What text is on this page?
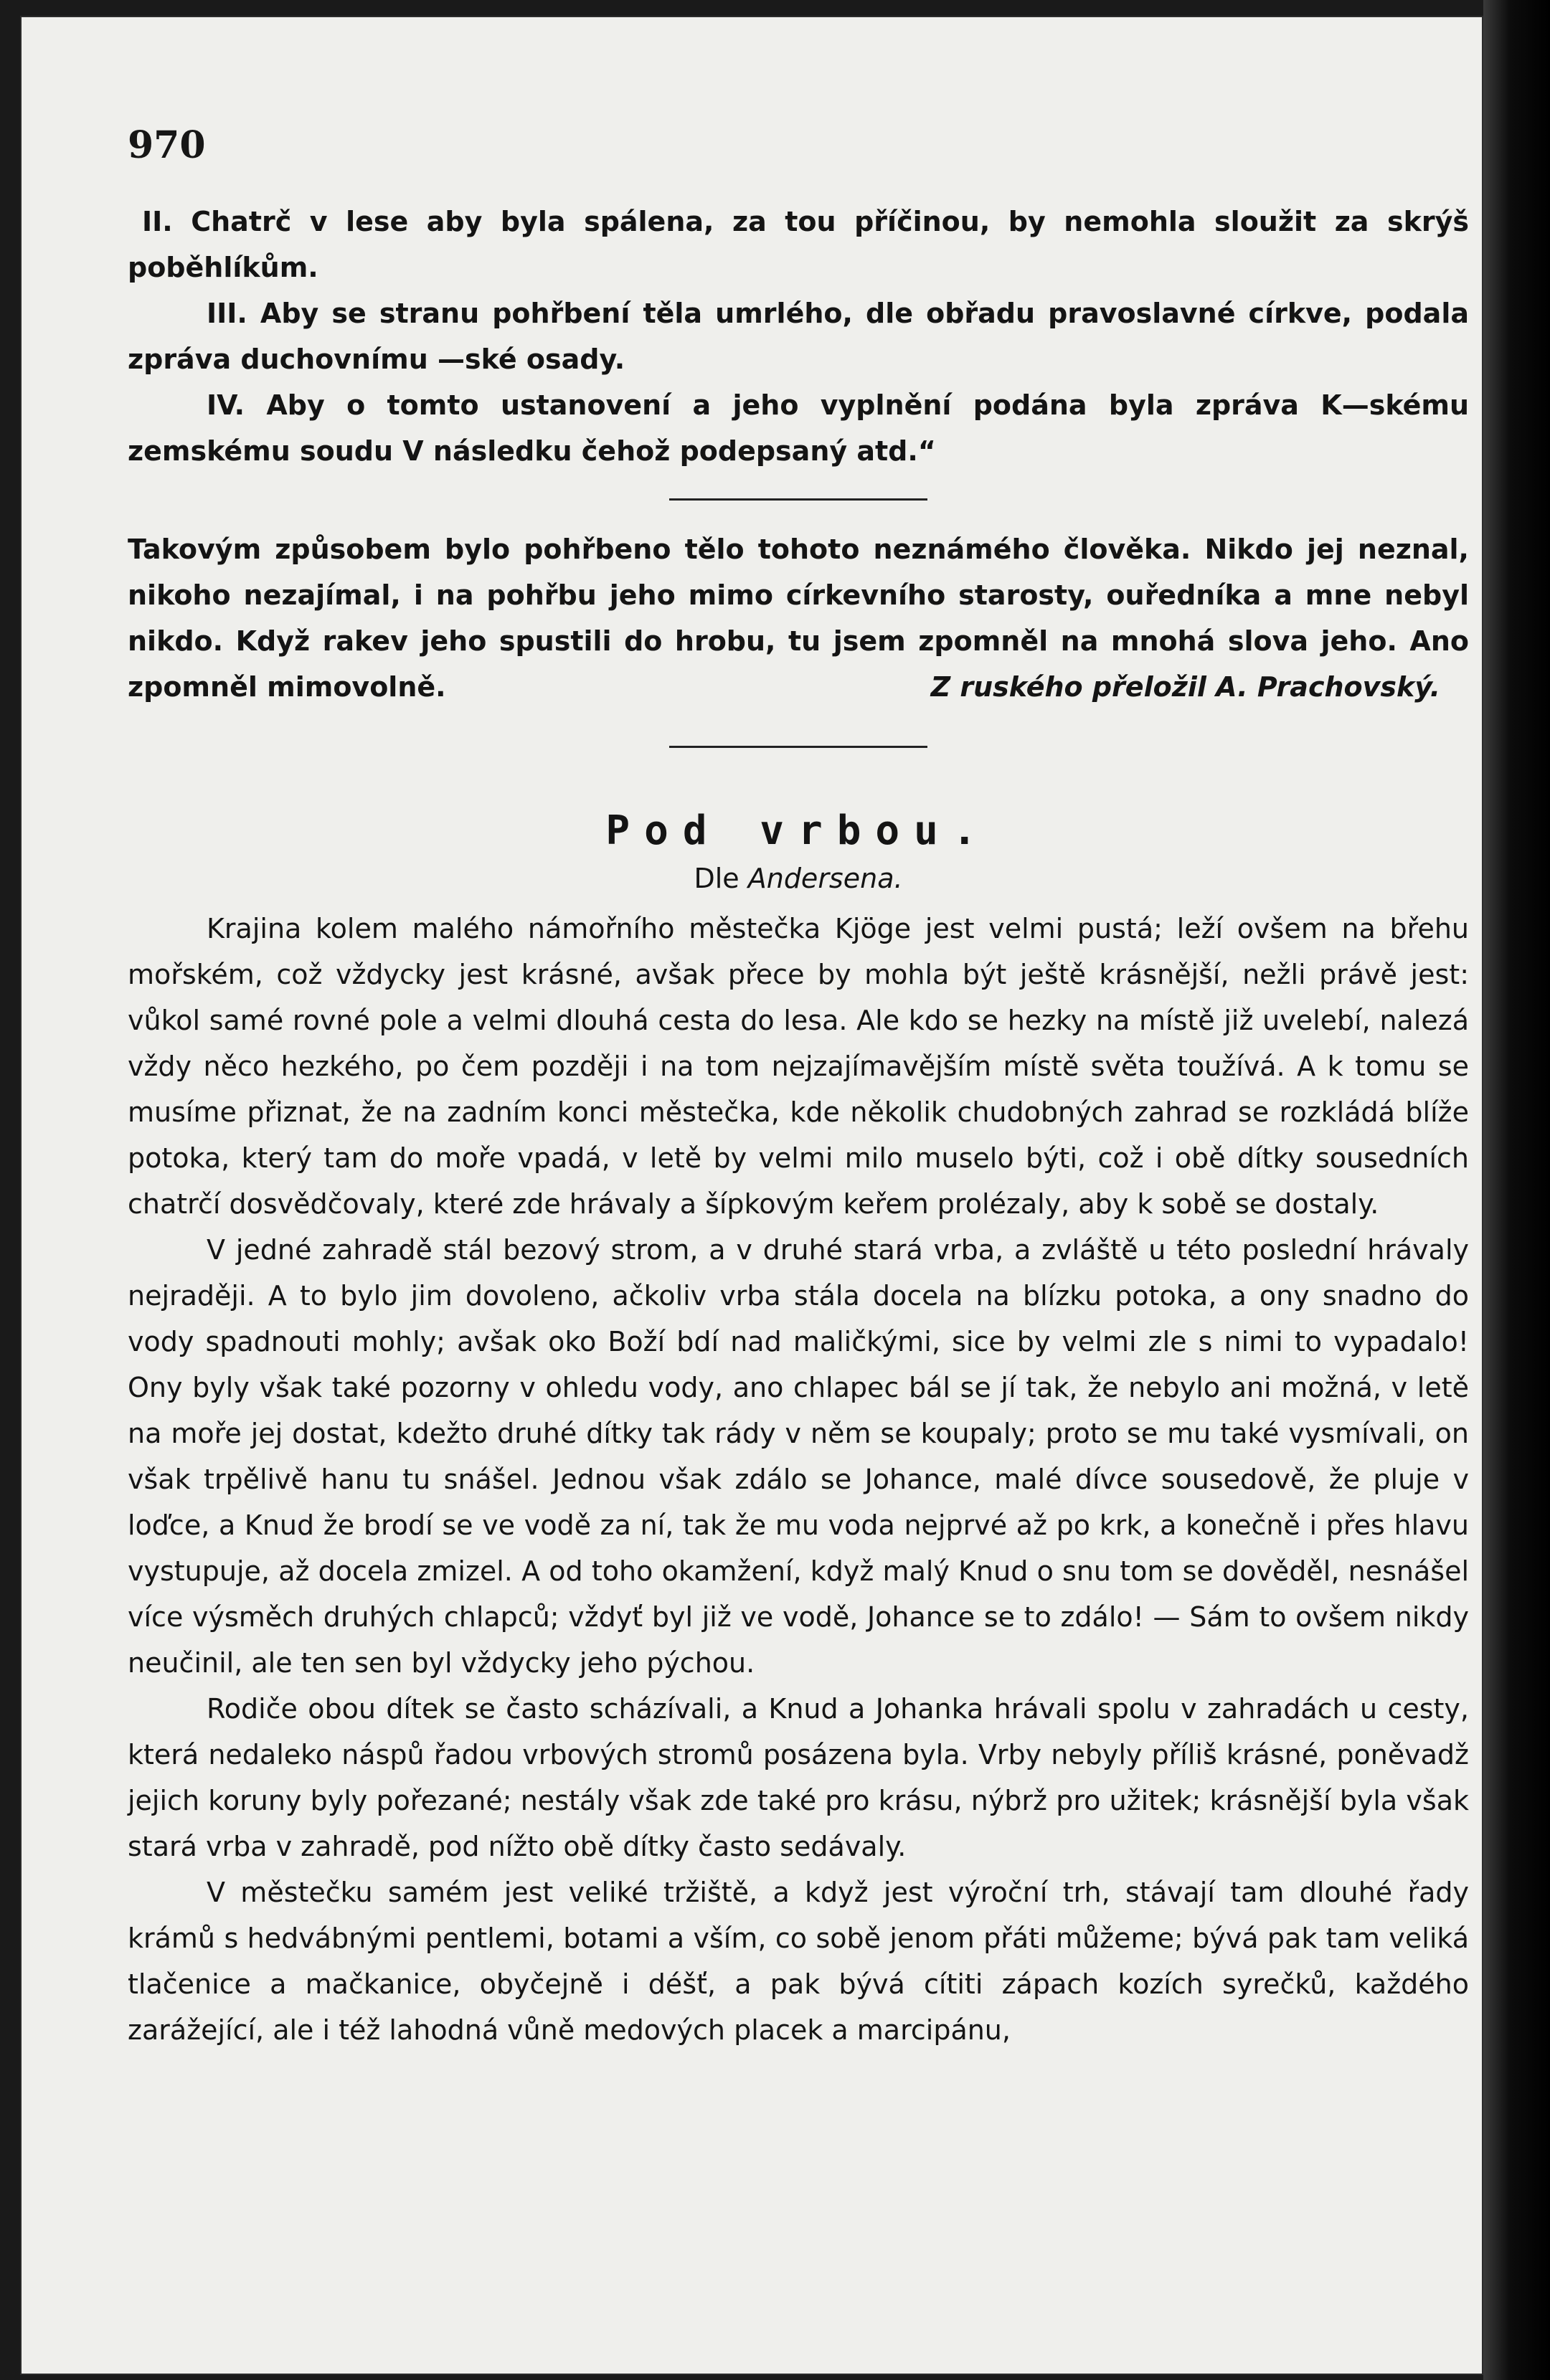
970

II. Chatrč v lese aby byla spálena, za tou příčinou, by nemohla sloužit za skrýš poběhlíkům.

III. Aby se stranu pohřbení těla umrlého, dle obřadu pravoslavné církve, podala zpráva duchovnímu —ské osady.

IV. Aby o tomto ustanovení a jeho vyplnění podána byla zpráva K—skému zemskému soudu V následku čehož podepsaný atd.“

Takovým způsobem bylo pohřbeno tělo tohoto neznámého člověka. Nikdo jej neznal, nikoho nezajímal, i na pohřbu jeho mimo církevního starosty, ouředníka a mne nebyl nikdo. Když rakev jeho spustili do hrobu, tu jsem zpomněl na mnohá slova jeho. Ano zpomněl mimovolně.	Z ruského přeložil A. Prachovský.
Pod vrbou.
Dle Andersena.

Krajina kolem malého námořního městečka Kjöge jest velmi pustá; leží ovšem na břehu mořském, což vždycky jest krásné, avšak přece by mohla být ještě krásnější, nežli právě jest: vůkol samé rovné pole a velmi dlouhá cesta do lesa. Ale kdo se hezky na místě již uvelebí, nalezá vždy něco hezkého, po čem později i na tom nejzajímavějším místě světa toužívá. A k tomu se musíme přiznat, že na zadním konci městečka, kde několik chudobných zahrad se rozkládá blíže potoka, který tam do moře vpadá, v letě by velmi milo muselo býti, což i obě dítky sousedních chatrčí dosvědčovaly, které zde hrávaly a šípkovým keřem prolézaly, aby k sobě se dostaly.

V jedné zahradě stál bezový strom, a v druhé stará vrba, a zvláště u této poslední hrávaly nejraději. A to bylo jim dovoleno, ačkoliv vrba stála docela na blízku potoka, a ony snadno do vody spadnouti mohly; avšak oko Boží bdí nad maličkými, sice by velmi zle s nimi to vypadalo! Ony byly však také pozorny v ohledu vody, ano chlapec bál se jí tak, že nebylo ani možná, v letě na moře jej dostat, kdežto druhé dítky tak rády v něm se koupaly; proto se mu také vysmívali, on však trpělivě hanu tu snášel. Jednou však zdálo se Johance, malé dívce sousedově, že pluje v loďce, a Knud že brodí se ve vodě za ní, tak že mu voda nejprvé až po krk, a konečně i přes hlavu vystupuje, až docela zmizel. A od toho okamžení, když malý Knud o snu tom se dověděl, nesnášel více výsměch druhých chlapců; vždyť byl již ve vodě, Johance se to zdálo! — Sám to ovšem nikdy neučinil, ale ten sen byl vždycky jeho pýchou.

Rodiče obou dítek se často scházívali, a Knud a Johanka hrávali spolu v zahradách u cesty, která nedaleko náspů řadou vrbových stromů posázena byla. Vrby nebyly příliš krásné, poněvadž jejich koruny byly pořezané; nestály však zde také pro krásu, nýbrž pro užitek; krásnější byla však stará vrba v zahradě, pod nížto obě dítky často sedávaly.

V městečku samém jest veliké tržiště, a když jest výroční trh, stávají tam dlouhé řady krámů s hedvábnými pentlemi, botami a vším, co sobě jenom přáti můžeme; bývá pak tam veliká tlačenice a mačkanice, obyčejně i déšť, a pak bývá cítiti zápach kozích syrečků, každého zarážející, ale i též lahodná vůně medových placek a marcipánu,
